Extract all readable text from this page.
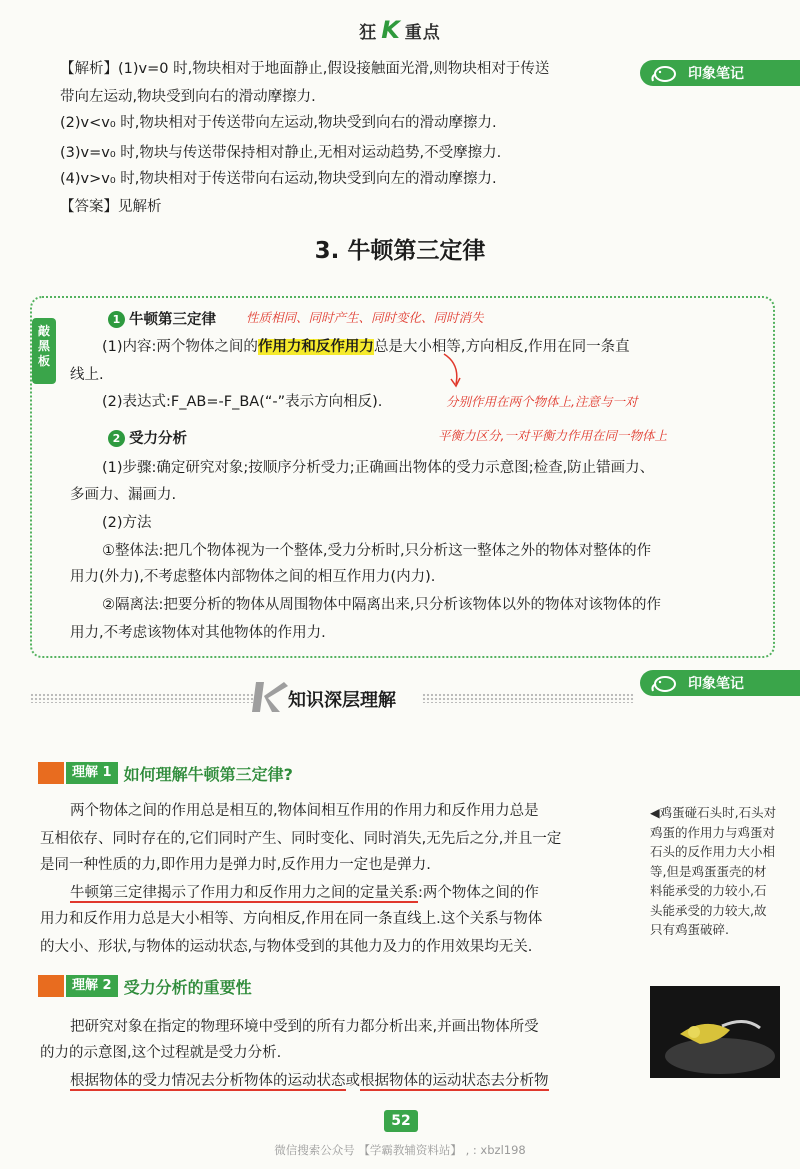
狂 K 重点
印象笔记
【解析】(1)v=0 时,物块相对于地面静止,假设接触面光滑,则物块相对于传送
带向左运动,物块受到向右的滑动摩擦力.
(2)v<v₀ 时,物块相对于传送带向左运动,物块受到向右的滑动摩擦力.
(3)v=v₀ 时,物块与传送带保持相对静止,无相对运动趋势,不受摩擦力.
(4)v>v₀ 时,物块相对于传送带向右运动,物块受到向左的滑动摩擦力.
【答案】见解析
3. 牛顿第三定律
敲黑板
1 牛顿第三定律 性质相同、同时产生、同时变化、同时消失
(1)内容:两个物体之间的作用力和反作用力总是大小相等,方向相反,作用在同一条直
线上.
(2)表达式:F_AB=-F_BA(“-”表示方向相反).	分别作用在两个物体上,注意与一对
平衡力区分,一对平衡力作用在同一物体上
2 受力分析
(1)步骤:确定研究对象;按顺序分析受力;正确画出物体的受力示意图;检查,防止错画力、
多画力、漏画力.
(2)方法
①整体法:把几个物体视为一个整体,受力分析时,只分析这一整体之外的物体对整体的作
用力(外力),不考虑整体内部物体之间的相互作用力(内力).
②隔离法:把要分析的物体从周围物体中隔离出来,只分析该物体以外的物体对该物体的作
用力,不考虑该物体对其他物体的作用力.
知识深层理解
印象笔记
理解 1 如何理解牛顿第三定律?
两个物体之间的作用总是相互的,物体间相互作用的作用力和反作用力总是
互相依存、同时存在的,它们同时产生、同时变化、同时消失,无先后之分,并且一定
是同一种性质的力,即作用力是弹力时,反作用力一定也是弹力.
牛顿第三定律揭示了作用力和反作用力之间的定量关系:两个物体之间的作
用力和反作用力总是大小相等、方向相反,作用在同一条直线上.这个关系与物体
的大小、形状,与物体的运动状态,与物体受到的其他力及力的作用效果均无关.
理解 2 受力分析的重要性
把研究对象在指定的物理环境中受到的所有力都分析出来,并画出物体所受
的力的示意图,这个过程就是受力分析.
根据物体的受力情况去分析物体的运动状态或根据物体的运动状态去分析物
◀鸡蛋碰石头时,石头对鸡蛋的作用力与鸡蛋对石头的反作用力大小相等,但是鸡蛋蛋壳的材料能承受的力较小,石头能承受的力较大,故只有鸡蛋破碎.
52
微信搜索公众号 【学霸教辅资料站】 , : xbzl198
